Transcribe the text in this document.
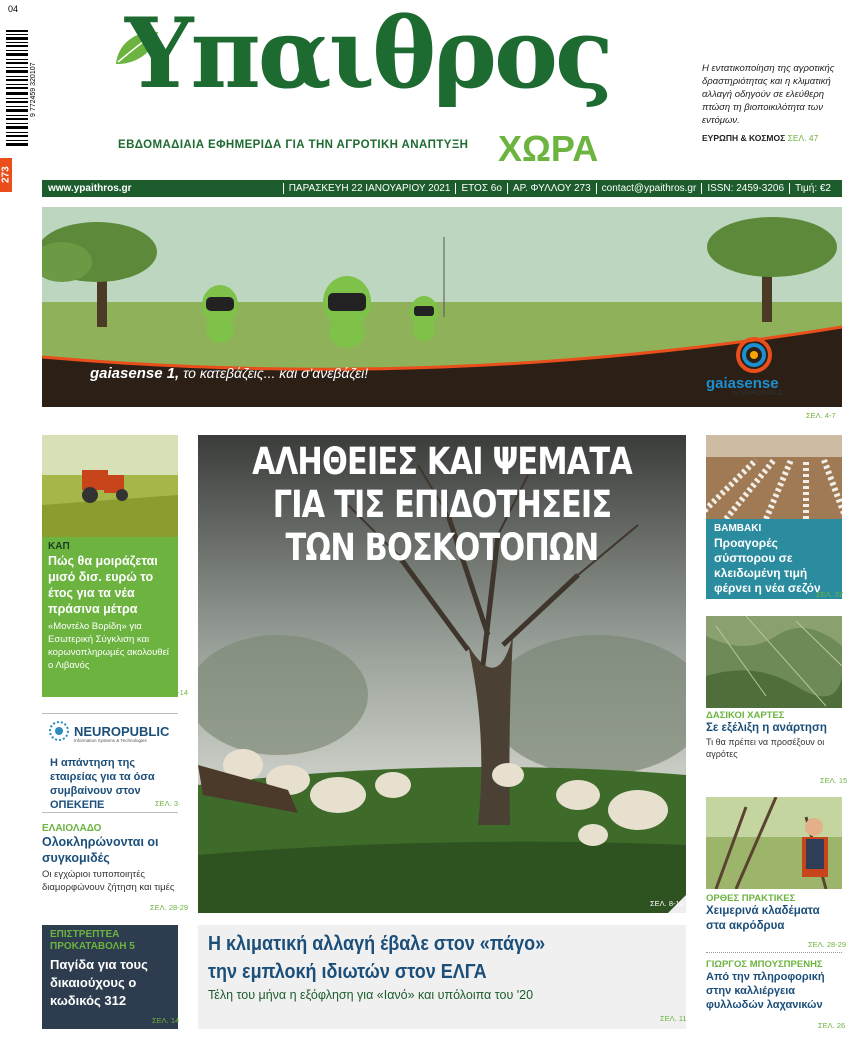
04
9 772459 320107
273
Υπαιθρος
ΕΒΔΟΜΑΔΙΑΙΑ ΕΦΗΜΕΡΙΔΑ ΓΙΑ ΤΗΝ ΑΓΡΟΤΙΚΗ ΑΝΑΠΤΥΞΗ ΧΩΡΑ
Η εντατικοποίηση της αγροτικής δραστηριότητας και η κλιματική αλλαγή οδηγούν σε ελεύθερη πτώση τη βιοποικιλότητα των εντόμων.
ΕΥΡΩΠΗ & ΚΟΣΜΟΣ ΣΕΛ. 47
www.ypaithros.gr	ΠΑΡΑΣΚΕΥΗ 22 ΙΑΝΟΥΑΡΙΟΥ 2021	ΕΤΟΣ 6ο	ΑΡ. ΦΥΛΛΟΥ 273	contact@ypaithros.gr	ISSN: 2459-3206	Τιμή: €2
gaiasense
by NEUROPUBLIC
gaiasense 1, το κατεβάζεις... και σ'ανεβάζει!
ΣΕΛ. 4-7
ΚΑΠ
Πώς θα μοιράζεται μισό δισ. ευρώ το έτος για τα νέα πράσινα μέτρα
«Μοντέλο Βορίδη» για Εσωτερική Σύγκλιση και κορωνοπληρωμές ακολουθεί ο Λιβανός
ΣΕΛ. 12-14
NEUROPUBLIC
Information Systems & Technologies
Η απάντηση της εταιρείας για τα όσα συμβαίνουν στον ΟΠΕΚΕΠΕ	ΣΕΛ. 3
ΕΛΑΙΟΛΑΔΟ
Ολοκληρώνονται οι συγκομιδές
Οι εγχώριοι τυποποιητές διαμορφώνουν ζήτηση και τιμές
ΣΕΛ. 28-29
ΕΠΙΣΤΡΕΠΤΕΑ ΠΡΟΚΑΤΑΒΟΛΗ 5
Παγίδα για τους δικαιούχους ο κωδικός 312
ΣΕΛ. 14
ΑΛΗΘΕΙΕΣ ΚΑΙ ΨΕΜΑΤΑ
ΓΙΑ ΤΙΣ ΕΠΙΔΟΤΗΣΕΙΣ
ΤΩΝ ΒΟΣΚΟΤΟΠΩΝ
ΣΕΛ. 8-10
Η κλιματική αλλαγή έβαλε στον «πάγο»
την εμπλοκή ιδιωτών στον ΕΛΓΑ
Τέλη του μήνα η εξόφληση για «Ιανό» και υπόλοιπα του '20
ΣΕΛ. 11
ΒΑΜΒΑΚΙ
Προαγορές σύσπορου σε κλειδωμένη τιμή φέρνει η νέα σεζόν
ΣΕΛ. 37
ΔΑΣΙΚΟΙ ΧΑΡΤΕΣ
Σε εξέλιξη η ανάρτηση
Τι θα πρέπει να προσέξουν οι αγρότες
ΣΕΛ. 15
ΟΡΘΕΣ ΠΡΑΚΤΙΚΕΣ
Χειμερινά κλαδέματα στα ακρόδρυα
ΣΕΛ. 28-29
ΓΙΩΡΓΟΣ ΜΠΟΥΣΠΡΕΝΗΣ
Από την πληροφορική στην καλλιέργεια φυλλωδών λαχανικών
ΣΕΛ. 26
